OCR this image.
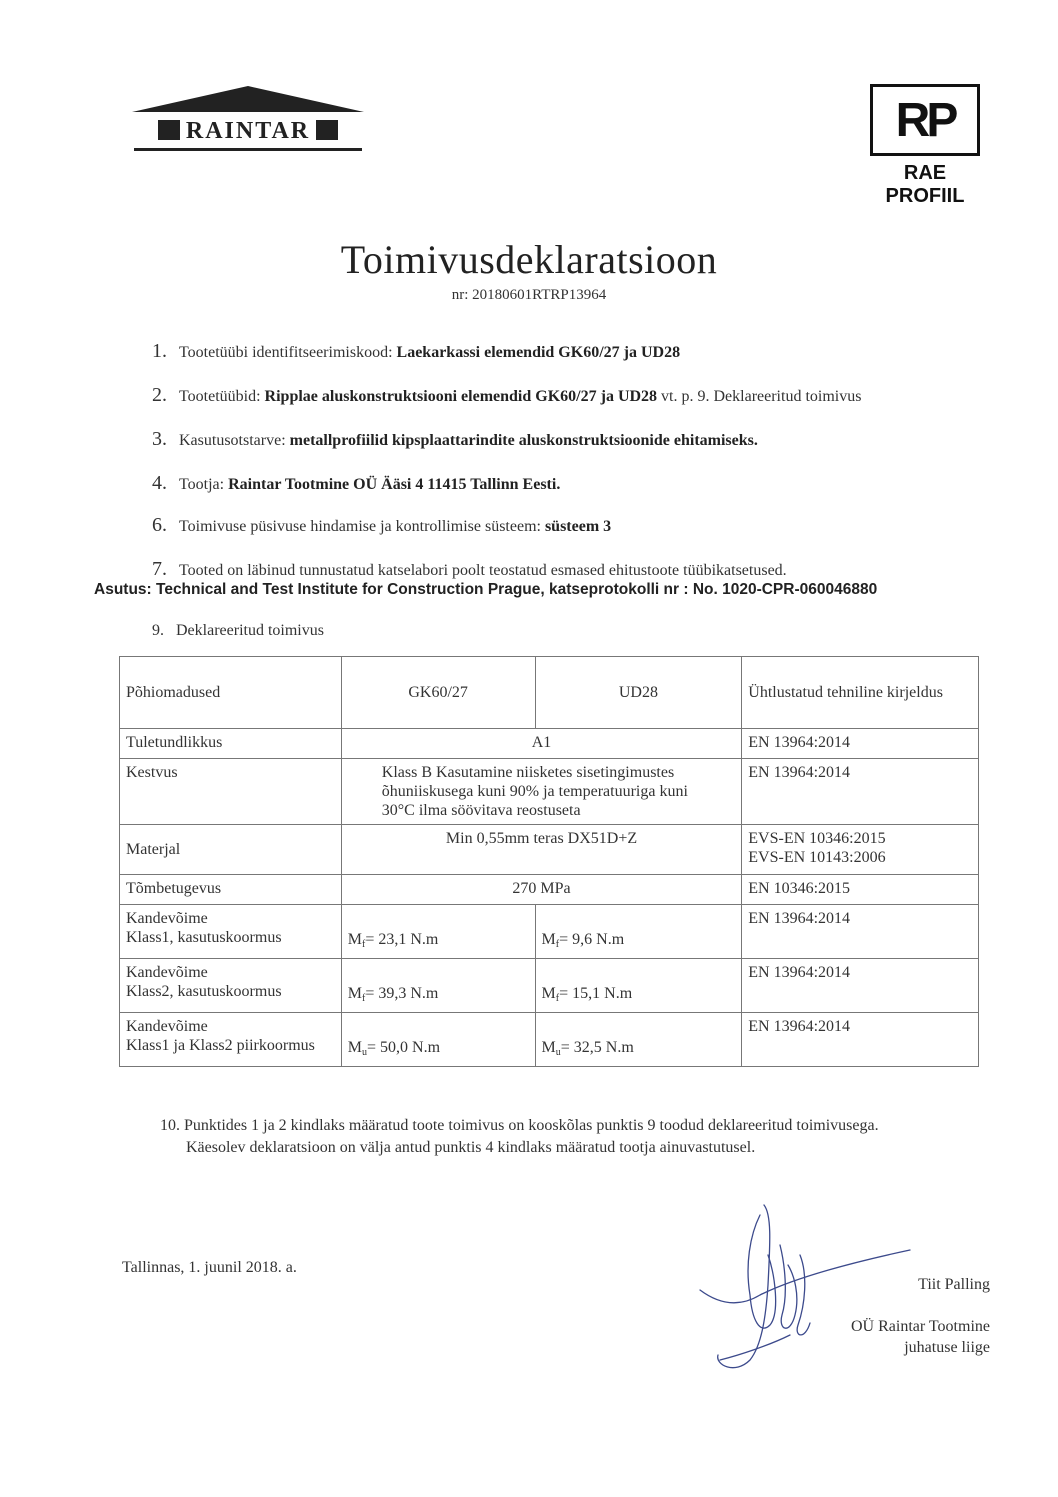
RAINTAR	RP
RAE PROFIIL
Toimivusdeklaratsioon
nr: 20180601RTRP13964
1. Tootetüübi identifitseerimiskood: Laekarkassi elemendid GK60/27 ja UD28
2. Tootetüübid: Ripplae aluskonstruktsiooni elemendid GK60/27 ja UD28 vt. p. 9. Deklareeritud toimivus
3. Kasutusotstarve: metallprofiilid kipsplaattarindite aluskonstruktsioonide ehitamiseks.
4. Tootja: Raintar Tootmine OÜ Ääsi 4 11415 Tallinn Eesti.
6. Toimivuse püsivuse hindamise ja kontrollimise süsteem: süsteem 3
7. Tooted on läbinud tunnustatud katselabori poolt teostatud esmased ehitustoote tüübikatsetused.
Asutus: Technical and Test Institute for Construction Prague, katseprotokolli nr : No. 1020-CPR-060046880
9. Deklareeritud toimivus
Põhiomadused	GK60/27	UD28	Ühtlustatud tehniline kirjeldus
Tuletundlikkus	A1		EN 13964:2014
Kestvus	Klass B Kasutamine niisketes sisetingimustes õhuniiskusega kuni 90% ja temperatuuriga kuni 30°C ilma söövitava reostuseta		EN 13964:2014
Materjal	Min 0,55mm teras DX51D+Z		EVS-EN 10346:2015
EVS-EN 10143:2006

Tõmbetugevus	270 MPa		EN 10346:2015

Kandevõime
Klass1, kasutuskoormus	$M_f= 23,1$ N.m	$M_f= 9,6$ N.m	EN 13964:2014

Kandevõime
Klass2, kasutuskoormus	$M_f= 39,3$ N.m	$M_f= 15,1$ N.m	EN 13964:2014

Kandevõime
Klass1 ja Klass2 piirkoormus	$M_u= 50,0$ N.m	$M_u= 32,5$ N.m	EN 13964:2014
10. Punktides 1 ja 2 kindlaks määratud toote toimivus on kooskõlas punktis 9 toodud deklareeritud toimivusega.
Käesolev deklaratsioon on välja antud punktis 4 kindlaks määratud tootja ainuvastutusel.
Tallinnas, 1. juunil 2018. a.
Tiit Palling
OÜ Raintar Tootmine
juhatuse liige
